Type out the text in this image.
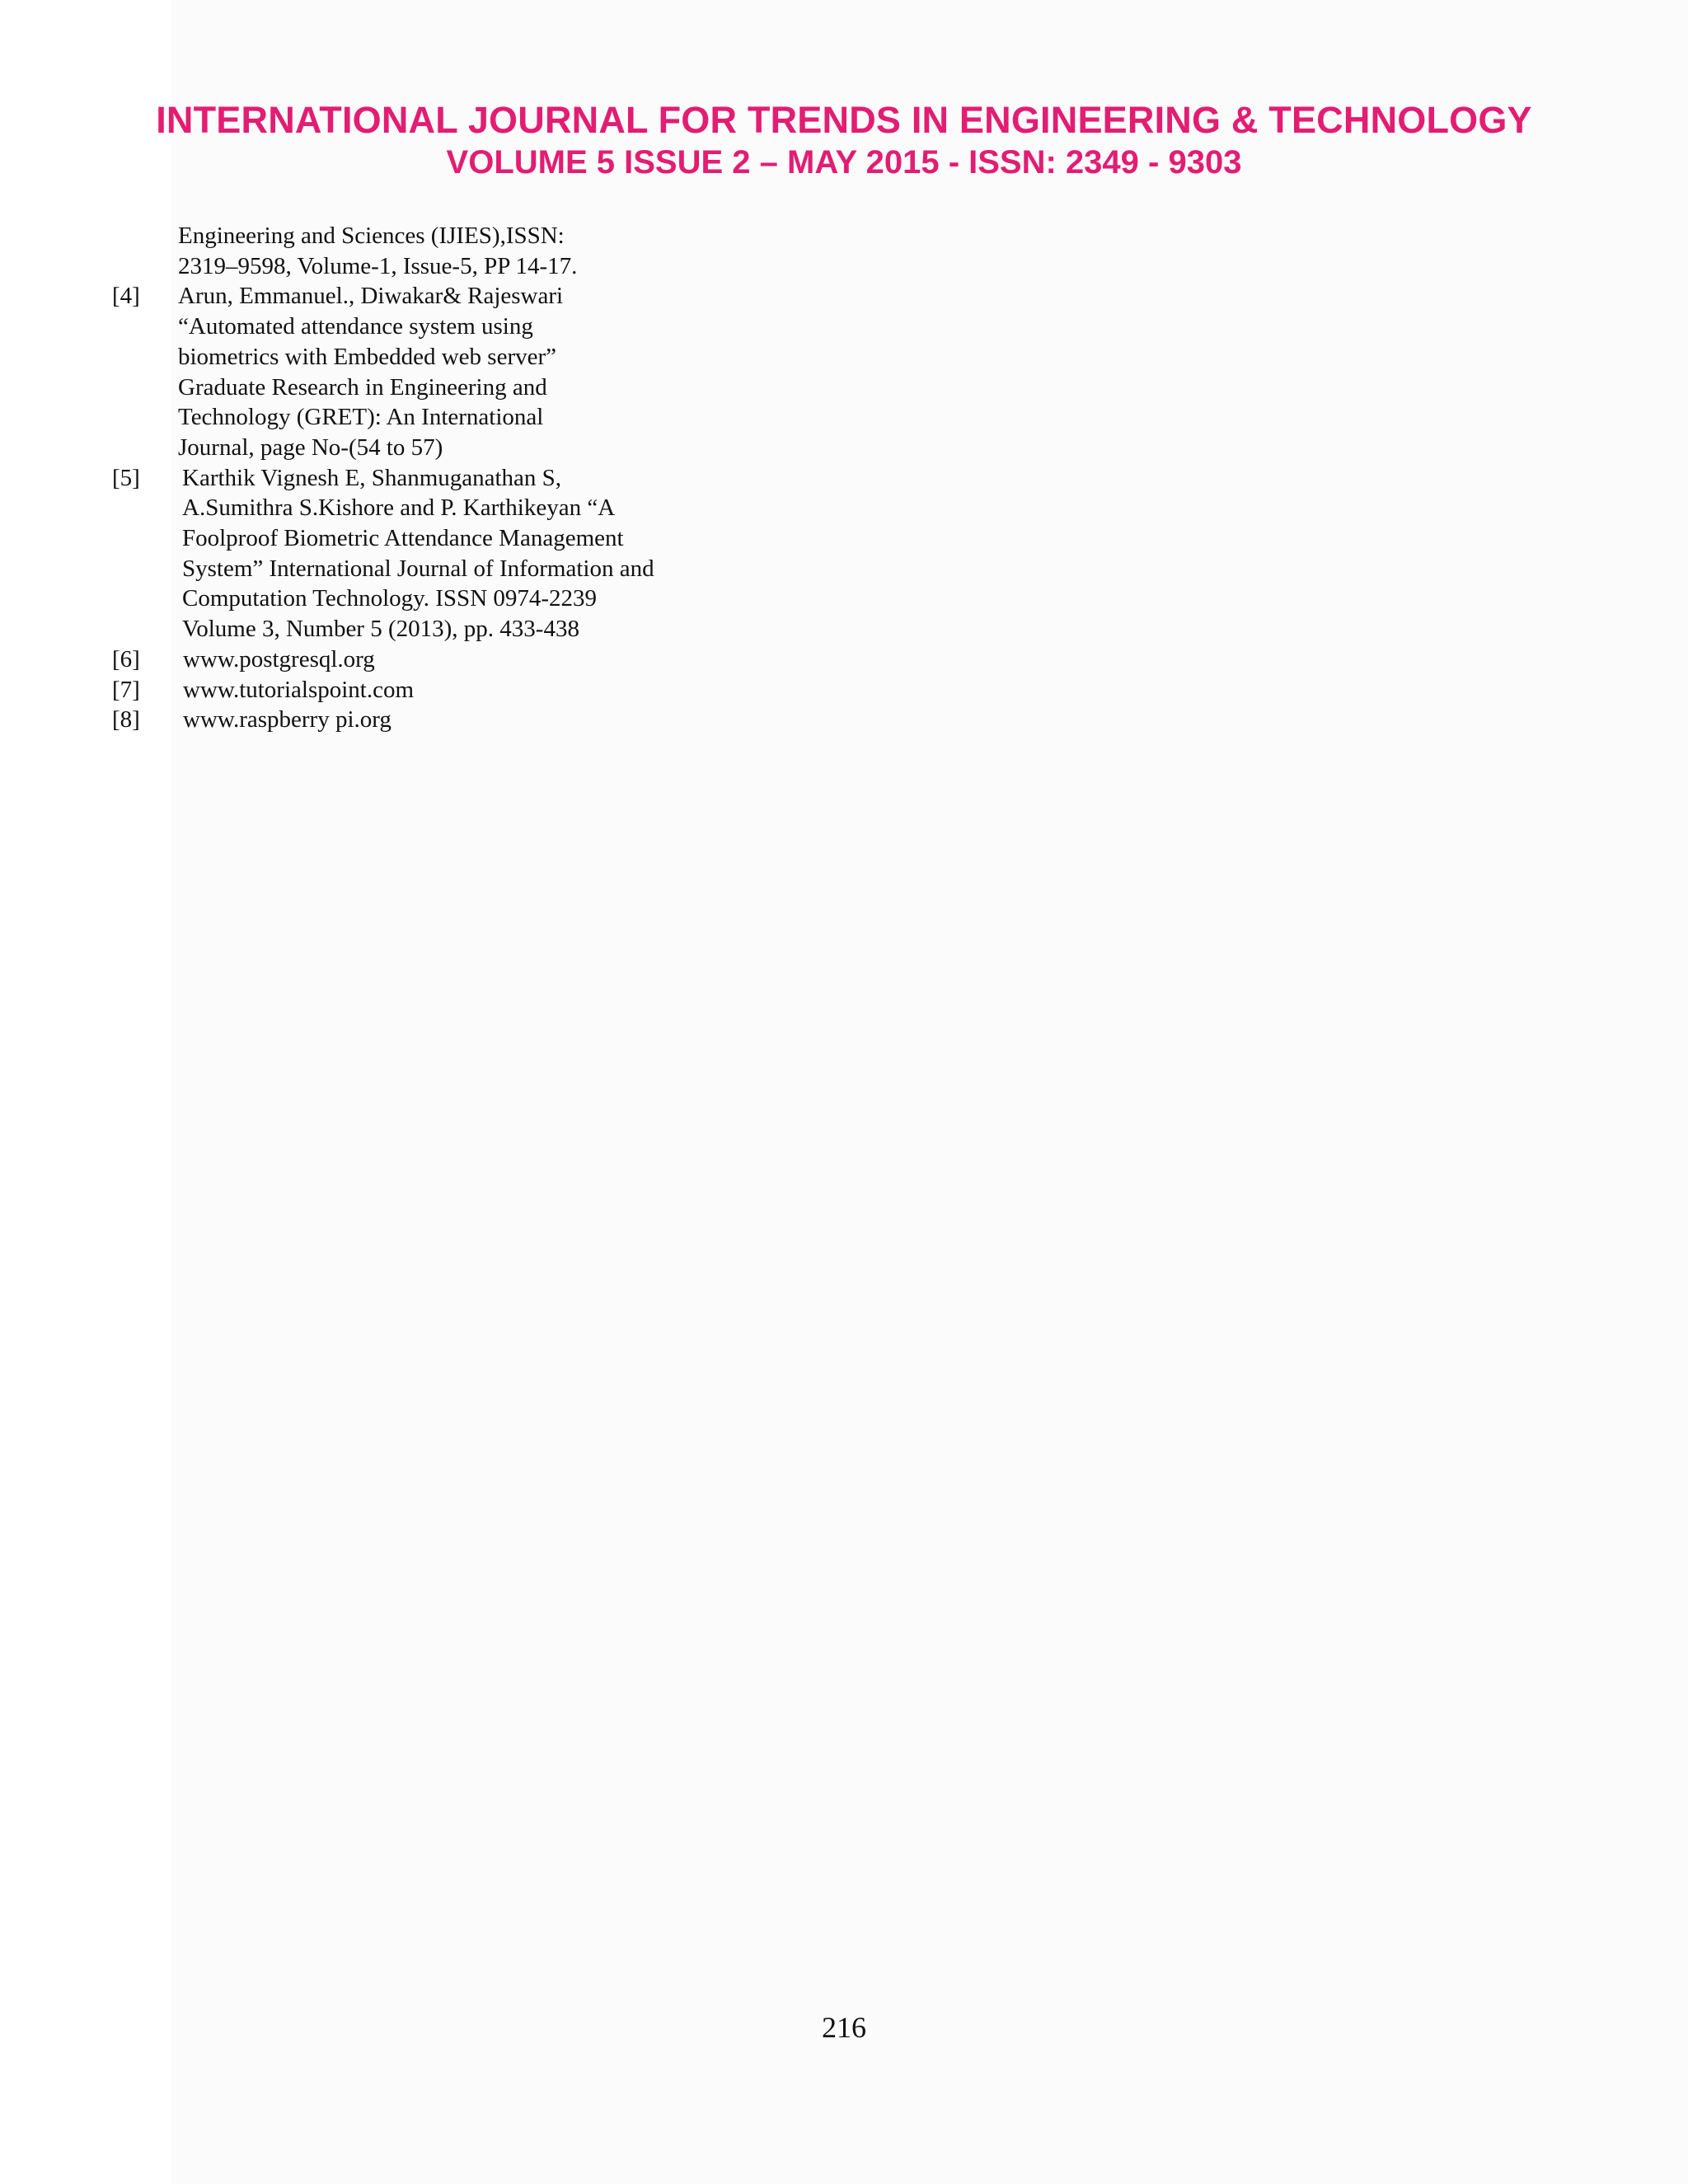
INTERNATIONAL JOURNAL FOR TRENDS IN ENGINEERING & TECHNOLOGY
VOLUME 5 ISSUE 2 – MAY 2015 - ISSN: 2349 - 9303
Engineering and Sciences (IJIES),ISSN:
2319–9598, Volume-1, Issue-5, PP 14-17.
[4] Arun, Emmanuel., Diwakar& Rajeswari
“Automated attendance system using
biometrics with Embedded web server”
Graduate Research in Engineering and
Technology (GRET): An International
Journal, page No-(54 to 57)
[5] Karthik Vignesh E, Shanmuganathan S,
A.Sumithra S.Kishore and P. Karthikeyan “A
Foolproof Biometric Attendance Management
System” International Journal of Information and
Computation Technology. ISSN 0974-2239
Volume 3, Number 5 (2013), pp. 433-438
[6] www.postgresql.org
[7] www.tutorialspoint.com
[8] www.raspberry pi.org
216
